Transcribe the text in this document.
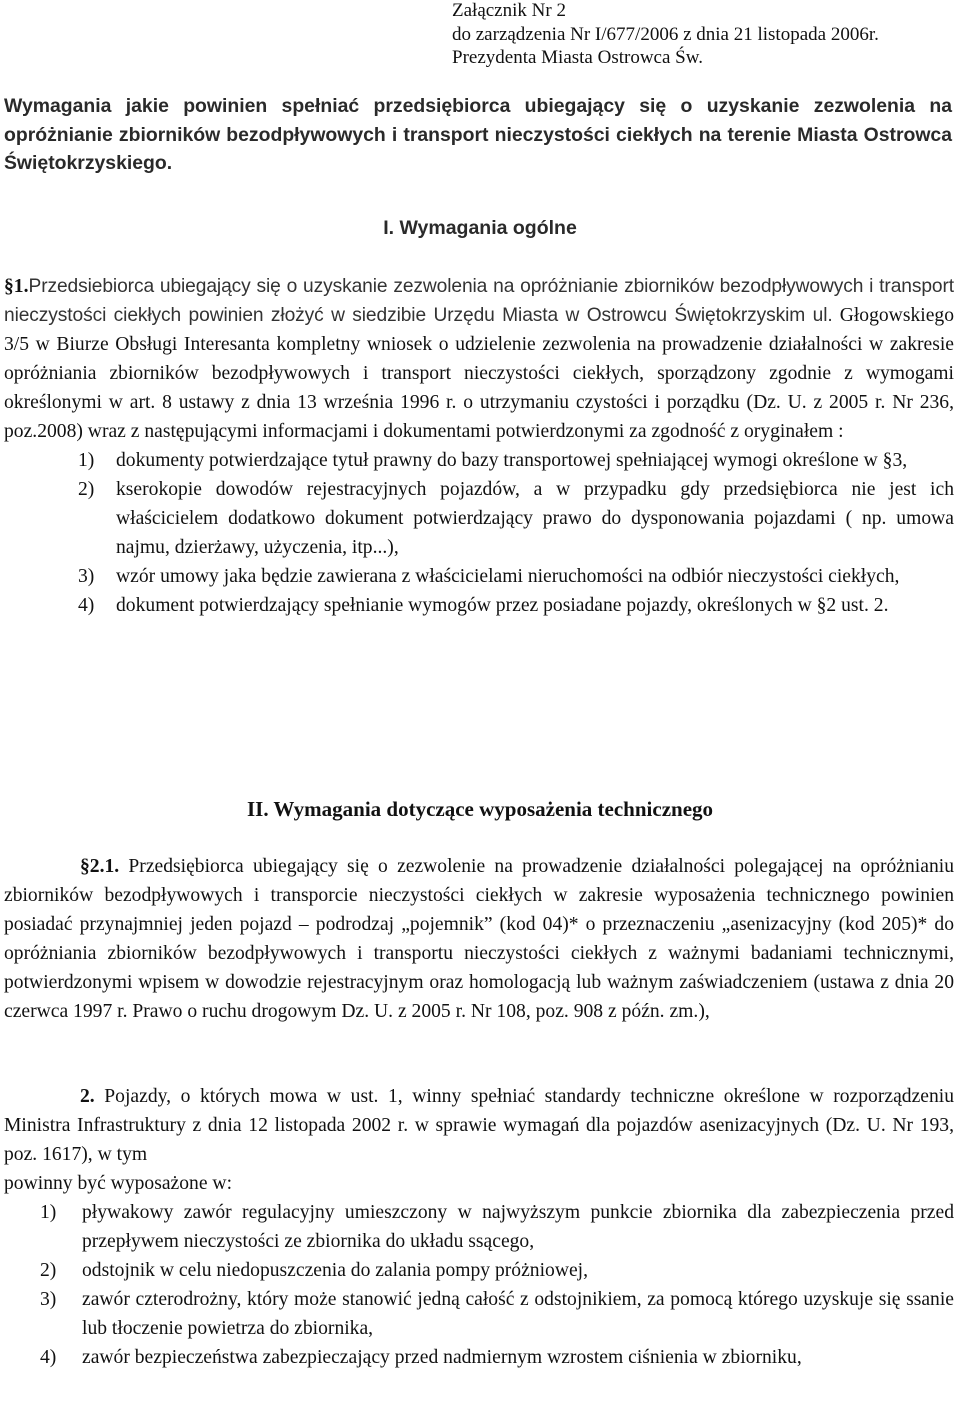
Załącznik Nr 2
do zarządzenia Nr I/677/2006 z dnia 21 listopada 2006r.
Prezydenta Miasta Ostrowca Św.
Wymagania jakie powinien spełniać przedsiębiorca ubiegający się o uzyskanie zezwolenia na opróżnianie zbiorników bezodpływowych i transport nieczystości ciekłych na terenie Miasta Ostrowca Świętokrzyskiego.
I. Wymagania ogólne
§1.Przedsiebiorca ubiegający się o uzyskanie zezwolenia na opróżnianie zbiorników bezodpływowych i transport nieczystości ciekłych powinien złożyć w siedzibie Urzędu Miasta w Ostrowcu Świętokrzyskim ul. Głogowskiego 3/5 w Biurze Obsługi Interesanta kompletny wniosek o udzielenie zezwolenia na prowadzenie działalności w zakresie opróżniania zbiorników bezodpływowych i transport nieczystości ciekłych, sporządzony zgodnie z wymogami określonymi w art. 8 ustawy z dnia 13 września 1996 r. o utrzymaniu czystości i porządku (Dz. U. z 2005 r. Nr 236, poz.2008) wraz z następującymi informacjami i dokumentami potwierdzonymi za zgodność z oryginałem :
1) dokumenty potwierdzające tytuł prawny do bazy transportowej spełniającej wymogi określone w §3,
2) kserokopie dowodów rejestracyjnych pojazdów, a w przypadku gdy przedsiębiorca nie jest ich właścicielem dodatkowo dokument potwierdzający prawo do dysponowania pojazdami ( np. umowa najmu, dzierżawy, użyczenia, itp...),
3) wzór umowy jaka będzie zawierana z właścicielami nieruchomości na odbiór nieczystości ciekłych,
4) dokument potwierdzający spełnianie wymogów przez posiadane pojazdy, określonych w §2 ust. 2.
II. Wymagania dotyczące wyposażenia technicznego
§2.1. Przedsiębiorca ubiegający się o zezwolenie na prowadzenie działalności polegającej na opróżnianiu zbiorników bezodpływowych i transporcie nieczystości ciekłych w zakresie wyposażenia technicznego powinien posiadać przynajmniej jeden pojazd – podrodzaj „pojemnik” (kod 04)* o przeznaczeniu „asenizacyjny (kod 205)* do opróżniania zbiorników bezodpływowych i transportu nieczystości ciekłych z ważnymi badaniami technicznymi, potwierdzonymi wpisem w dowodzie rejestracyjnym oraz homologacją lub ważnym zaświadczeniem (ustawa z dnia 20 czerwca 1997 r. Prawo o ruchu drogowym Dz. U. z 2005 r. Nr 108, poz. 908 z późn. zm.),
2. Pojazdy, o których mowa w ust. 1, winny spełniać standardy techniczne określone w rozporządzeniu Ministra Infrastruktury z dnia 12 listopada 2002 r. w sprawie wymagań dla pojazdów asenizacyjnych (Dz. U. Nr 193, poz. 1617), w tym
powinny być wyposażone w:
1) pływakowy zawór regulacyjny umieszczony w najwyższym punkcie zbiornika dla zabezpieczenia przed przepływem nieczystości ze zbiornika do układu ssącego,
2) odstojnik w celu niedopuszczenia do zalania pompy próżniowej,
3) zawór czterodrożny, który może stanowić jedną całość z odstojnikiem, za pomocą którego uzyskuje się ssanie lub tłoczenie powietrza do zbiornika,
4) zawór bezpieczeństwa zabezpieczający przed nadmiernym wzrostem ciśnienia w zbiorniku,
